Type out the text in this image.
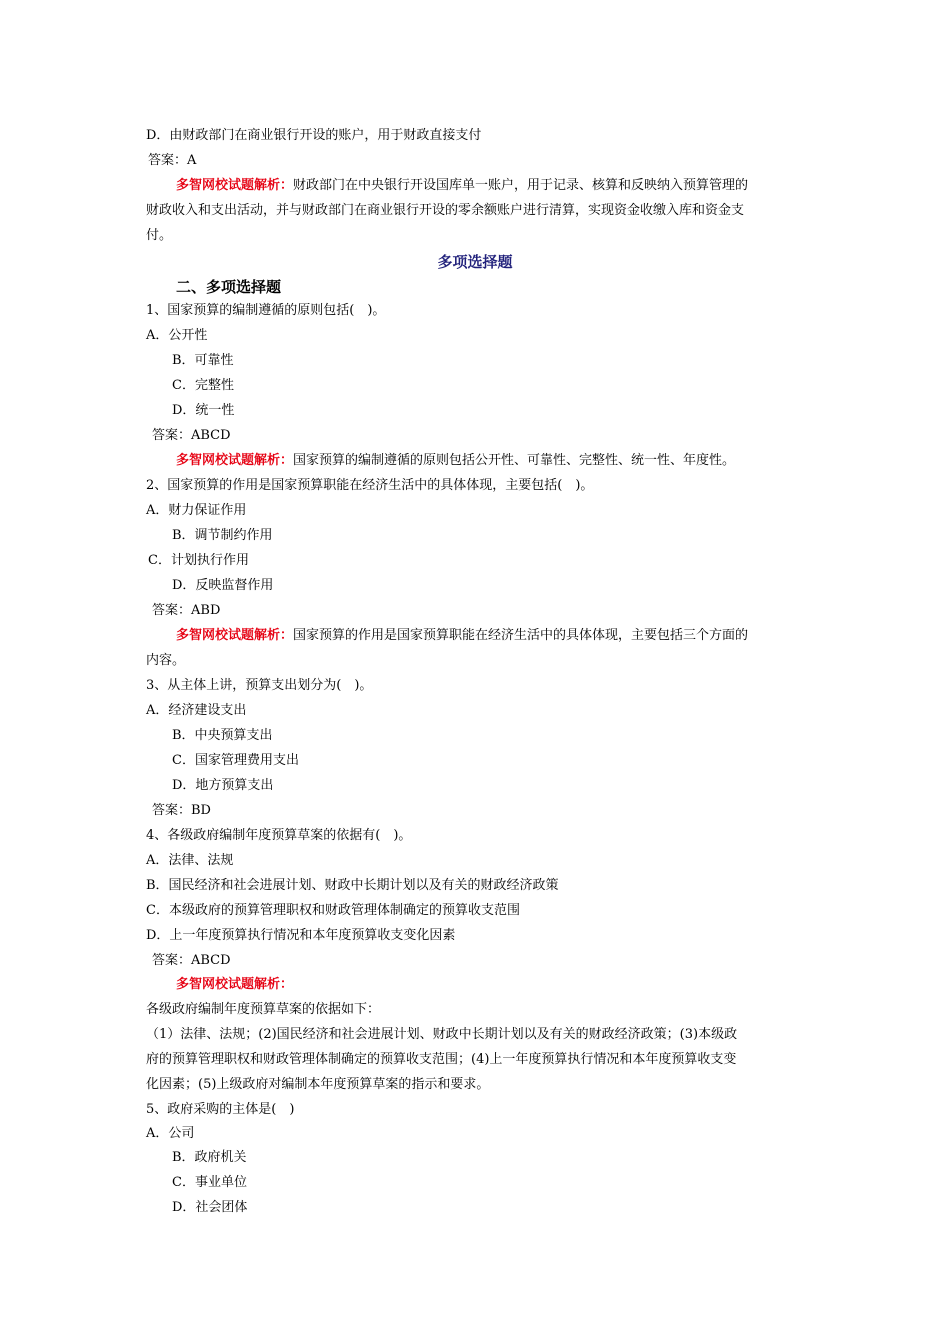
D．由财政部门在商业银行开设的账户，用于财政直接支付
答案：A
多智网校试题解析：财政部门在中央银行开设国库单一账户，用于记录、核算和反映纳入预算管理的
财政收入和支出活动，并与财政部门在商业银行开设的零余额账户进行清算，实现资金收缴入库和资金支
付。
多项选择题
二、多项选择题
1、国家预算的编制遵循的原则包括(　)。
A．公开性
B．可靠性
C．完整性
D．统一性
答案：ABCD
多智网校试题解析：国家预算的编制遵循的原则包括公开性、可靠性、完整性、统一性、年度性。
2、国家预算的作用是国家预算职能在经济生活中的具体体现，主要包括(　)。
A．财力保证作用
B．调节制约作用
C．计划执行作用
D．反映监督作用
答案：ABD
多智网校试题解析：国家预算的作用是国家预算职能在经济生活中的具体体现，主要包括三个方面的
内容。
3、从主体上讲，预算支出划分为(　)。
A．经济建设支出
B．中央预算支出
C．国家管理费用支出
D．地方预算支出
答案：BD
4、各级政府编制年度预算草案的依据有(　)。
A．法律、法规
B．国民经济和社会进展计划、财政中长期计划以及有关的财政经济政策
C．本级政府的预算管理职权和财政管理体制确定的预算收支范围
D．上一年度预算执行情况和本年度预算收支变化因素
答案：ABCD
多智网校试题解析：
各级政府编制年度预算草案的依据如下：
（1）法律、法规；(2)国民经济和社会进展计划、财政中长期计划以及有关的财政经济政策；(3)本级政
府的预算管理职权和财政管理体制确定的预算收支范围；(4)上一年度预算执行情况和本年度预算收支变
化因素；(5)上级政府对编制本年度预算草案的指示和要求。
5、政府采购的主体是(　)
A．公司
B．政府机关
C．事业单位
D．社会团体
